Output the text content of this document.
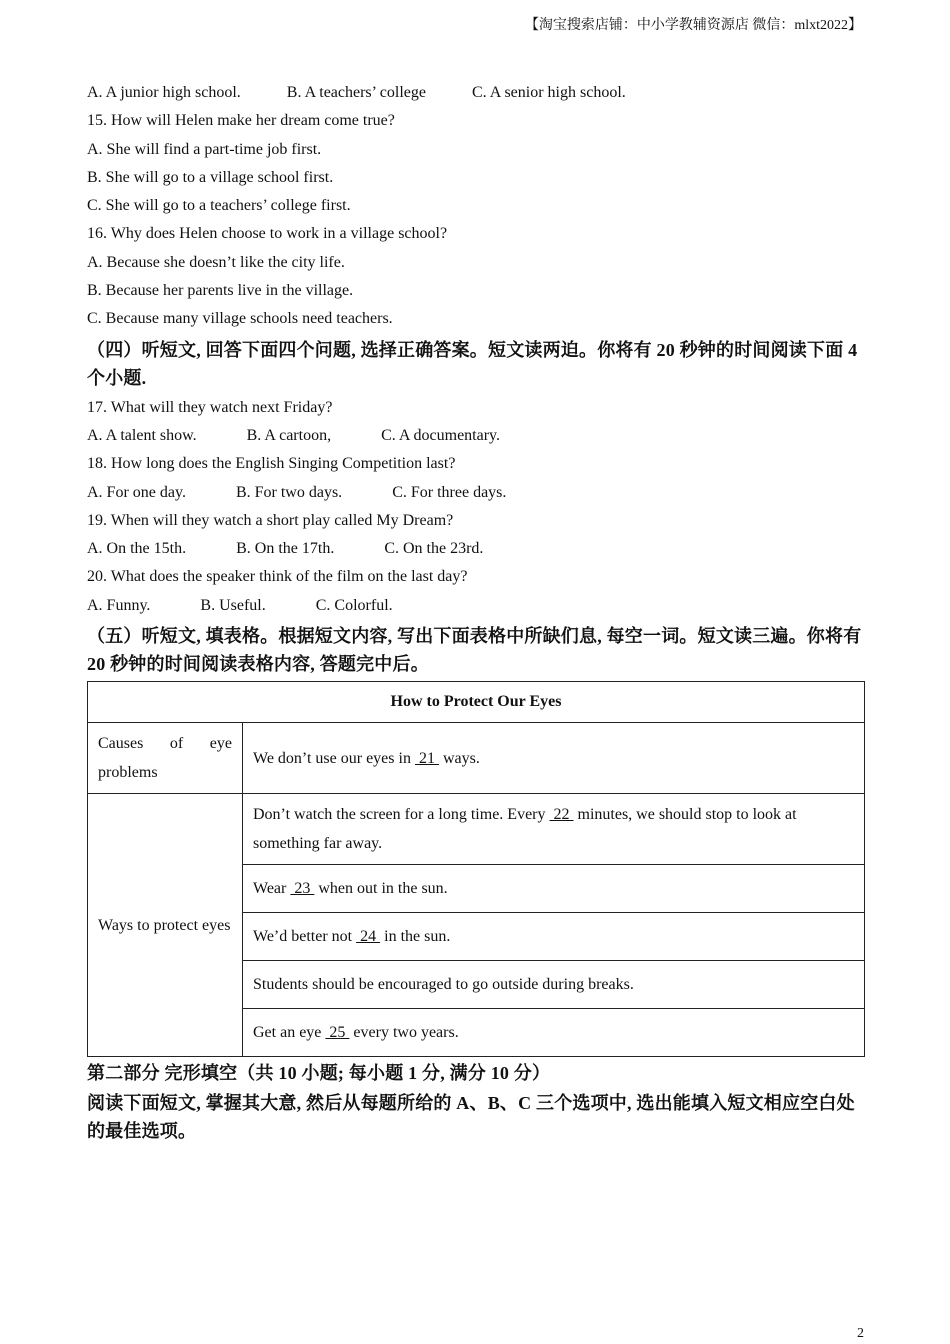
【淘宝搜索店铺：中小学教辅资源店 微信：mlxt2022】
A. A junior high school.	B. A teachers’ college	C. A senior high school.
15. How will Helen make her dream come true?
A. She will find a part-time job first.
B. She will go to a village school first.
C. She will go to a teachers’ college first.
16. Why does Helen choose to work in a village school?
A. Because she doesn’t like the city life.
B. Because her parents live in the village.
C. Because many village schools need teachers.
（四）听短文, 回答下面四个问题, 选择正确答案。短文读两迫。你将有 20 秒钟的时间阅读下面 4 个小题.
17. What will they watch next Friday?
A. A talent show.	B. A cartoon,	C. A documentary.
18. How long does the English Singing Competition last?
A. For one day.	B. For two days.	C. For three days.
19. When will they watch a short play called My Dream?
A. On the 15th.	B. On the 17th.	C. On the 23rd.
20. What does the speaker think of the film on the last day?
A. Funny.	B. Useful.	C. Colorful.
（五）听短文, 填表格。根据短文内容, 写出下面表格中所缺们息, 每空一词。短文读三遍。你将有 20 秒钟的时间阅读表格内容, 答题完中后。
How to Protect Our Eyes	
Causes of eye problems	We don’t use our eyes in  21  ways.
Ways to protect eyes	Don’t watch the screen for a long time. Every  22  minutes, we should stop to look at something far away.
	Wear  23  when out in the sun.
	We’d better not  24  in the sun.
	Students should be encouraged to go outside during breaks.
	Get an eye  25  every two years.
第二部分 完形填空（共 10 小题; 每小题 1 分, 满分 10 分）
阅读下面短文, 掌握其大意, 然后从每题所给的 A、B、C 三个选项中, 选出能填入短文相应空白处的最佳选项。
2
